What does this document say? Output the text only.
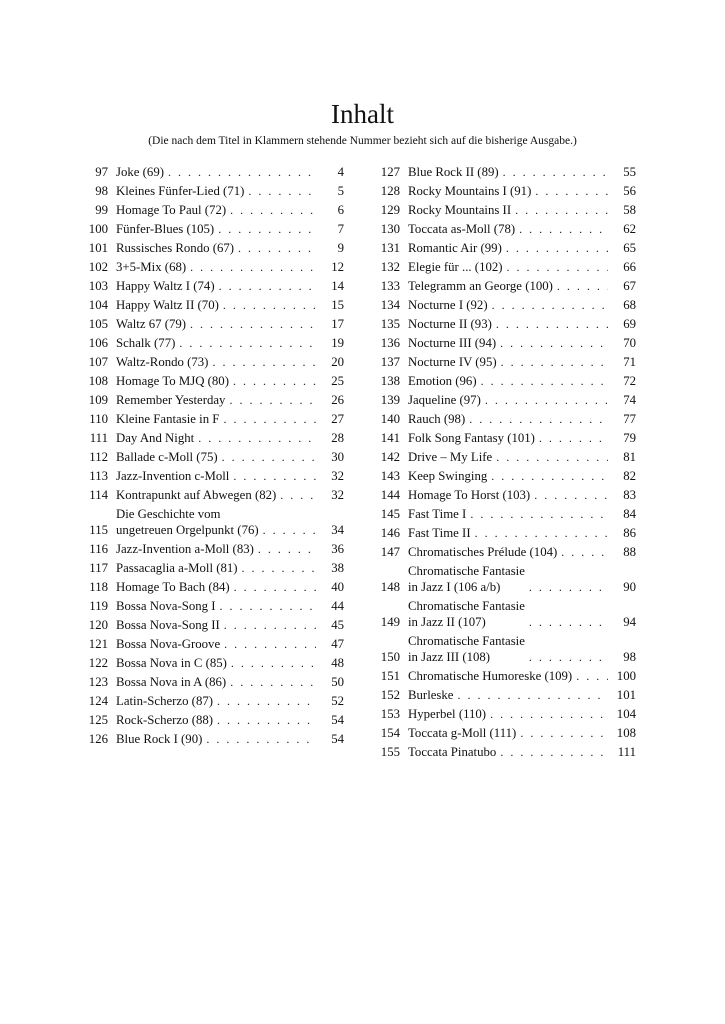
Inhalt
(Die nach dem Titel in Klammern stehende Nummer bezieht sich auf die bisherige Ausgabe.)
97 Joke (69) . . .	4
98 Kleines Fünfer-Lied (71) . . .	5
99 Homage To Paul (72) . . .	6
100 Fünfer-Blues (105) . . .	7
101 Russisches Rondo (67) . . .	9
102 3+5-Mix (68) . . .	12
103 Happy Waltz I (74) . . .	14
104 Happy Waltz II (70) . . .	15
105 Waltz 67 (79) . . .	17
106 Schalk (77) . . .	19
107 Waltz-Rondo (73) . . .	20
108 Homage To MJQ (80) . . .	25
109 Remember Yesterday . . .	26
110 Kleine Fantasie in F . . .	27
111 Day And Night . . .	28
112 Ballade c-Moll (75) . . .	30
113 Jazz-Invention c-Moll . . .	32
114 Kontrapunkt auf Abwegen (82) . . .	32
115
Die Geschichte vom
ungetreuen Orgelpunkt (76) . . .	34
116 Jazz-Invention a-Moll (83) . . .	36
117 Passacaglia a-Moll (81) . . .	38
118 Homage To Bach (84) . . .	40
119 Bossa Nova-Song I . . .	44
120 Bossa Nova-Song II . . .	45
121 Bossa Nova-Groove . . .	47
122 Bossa Nova in C (85) . . .	48
123 Bossa Nova in A (86) . . .	50
124 Latin-Scherzo (87) . . .	52
125 Rock-Scherzo (88) . . .	54
126 Blue Rock I (90) . . .	54
127 Blue Rock II (89) . . .	55
128 Rocky Mountains I (91) . . .	56
129 Rocky Mountains II . . .	58
130 Toccata as-Moll (78) . . .	62
131 Romantic Air (99) . . .	65
132 Elegie für ... (102) . . .	66
133 Telegramm an George (100) . . .	67
134 Nocturne I (92) . . .	68
135 Nocturne II (93) . . .	69
136 Nocturne III (94) . . .	70
137 Nocturne IV (95) . . .	71
138 Emotion (96) . . .	72
139 Jaqueline (97) . . .	74
140 Rauch (98) . . .	77
141 Folk Song Fantasy (101) . . .	79
142 Drive – My Life . . .	81
143 Keep Swinging . . .	82
144 Homage To Horst (103) . . .	83
145 Fast Time I . . .	84
146 Fast Time II . . .	86
147 Chromatisches Prélude (104) . . .	88
148
Chromatische Fantasie
in Jazz I (106 a/b) . . .	90
149
Chromatische Fantasie
in Jazz II (107) . . .	94
150
Chromatische Fantasie
in Jazz III (108) . . .	98
151 Chromatische Humoreske (109) . . .	100
152 Burleske . . .	101
153 Hyperbel (110) . . .	104
154 Toccata g-Moll (111) . . .	108
155 Toccata Pinatubo . . .	111
